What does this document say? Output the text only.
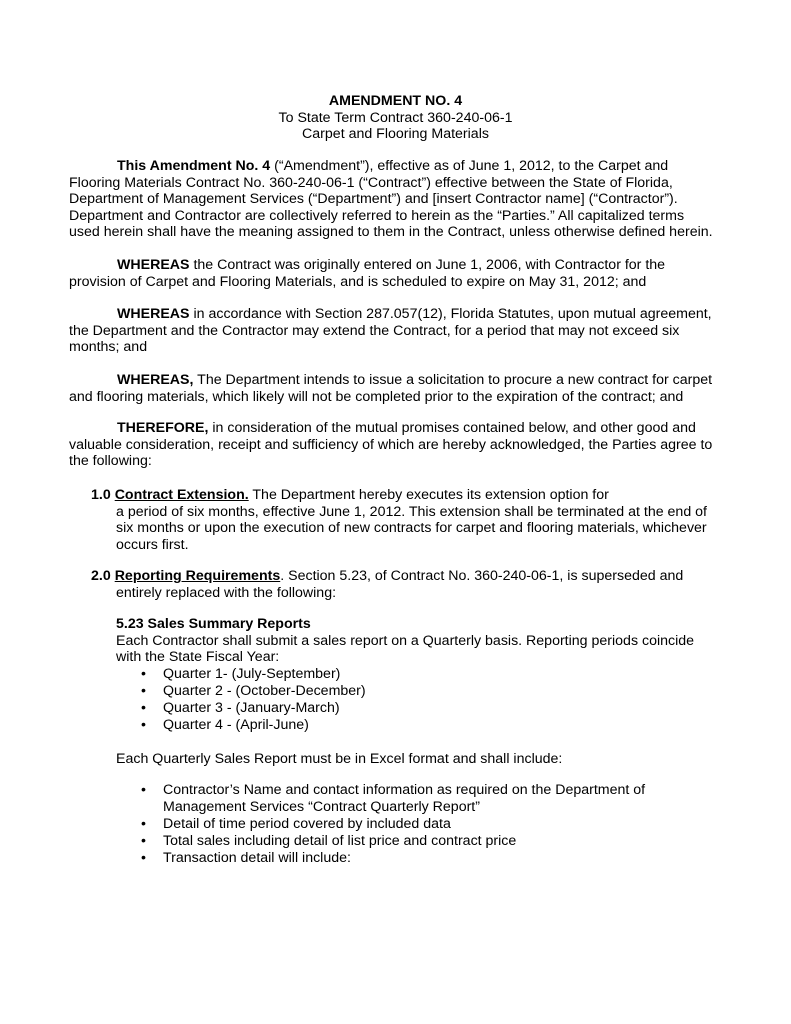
AMENDMENT NO. 4
To State Term Contract 360-240-06-1
Carpet and Flooring Materials

This Amendment No. 4 (“Amendment”), effective as of June 1, 2012, to the Carpet and

Flooring Materials Contract No. 360-240-06-1 (“Contract”) effective between the State of Florida,

Department of Management Services (“Department”) and [insert Contractor name] (“Contractor”).

Department and Contractor are collectively referred to herein as the “Parties.” All capitalized terms

used herein shall have the meaning assigned to them in the Contract, unless otherwise defined herein.

WHEREAS the Contract was originally entered on June 1, 2006, with Contractor for the

provision of Carpet and Flooring Materials, and is scheduled to expire on May 31, 2012; and

WHEREAS in accordance with Section 287.057(12), Florida Statutes, upon mutual agreement,

the Department and the Contractor may extend the Contract, for a period that may not exceed six

months; and

WHEREAS, The Department intends to issue a solicitation to procure a new contract for carpet

and flooring materials, which likely will not be completed prior to the expiration of the contract; and

THEREFORE, in consideration of the mutual promises contained below, and other good and

valuable consideration, receipt and sufficiency of which are hereby acknowledged, the Parties agree to

the following:

1.0 Contract Extension. The Department hereby executes its extension option for

a period of six months, effective June 1, 2012. This extension shall be terminated at the end of

six months or upon the execution of new contracts for carpet and flooring materials, whichever

occurs first.

2.0 Reporting Requirements. Section 5.23, of Contract No. 360-240-06-1, is superseded and

entirely replaced with the following:

5.23 Sales Summary Reports

Each Contractor shall submit a sales report on a Quarterly basis. Reporting periods coincide

with the State Fiscal Year:

• Quarter 1- (July-September)
• Quarter 2 - (October-December)
• Quarter 3 - (January-March)
• Quarter 4 - (April-June)

Each Quarterly Sales Report must be in Excel format and shall include:

• Contractor’s Name and contact information as required on the Department of
Management Services “Contract Quarterly Report”
• Detail of time period covered by included data
• Total sales including detail of list price and contract price
• Transaction detail will include:
